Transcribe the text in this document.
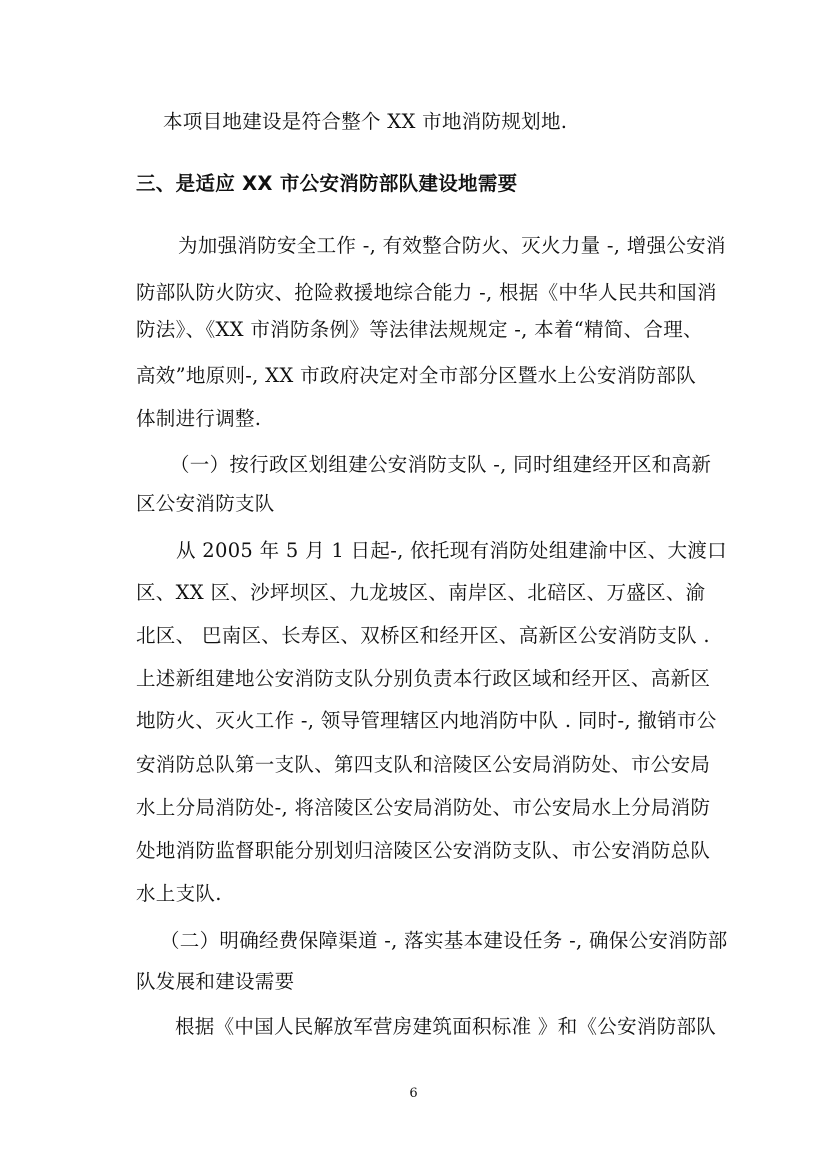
本项目地建设是符合整个 XX 市地消防规划地.
三、是适应 XX 市公安消防部队建设地需要
为加强消防安全工作 -, 有效整合防火、灭火力量 -, 增强公安消
防部队防火防灾、抢险救援地综合能力 -, 根据《中华人民共和国消
防法》、《XX 市消防条例》等法律法规规定 -, 本着“精简、合理、
高效”地原则-, XX 市政府决定对全市部分区暨水上公安消防部队
体制进行调整.
（一）按行政区划组建公安消防支队 -, 同时组建经开区和高新
区公安消防支队
从 2005 年 5 月 1 日起-, 依托现有消防处组建渝中区、大渡口
区、XX 区、沙坪坝区、九龙坡区、南岸区、北碚区、万盛区、渝
北区、 巴南区、长寿区、双桥区和经开区、高新区公安消防支队 .
上述新组建地公安消防支队分别负责本行政区域和经开区、高新区
地防火、灭火工作 -, 领导管理辖区内地消防中队 . 同时-, 撤销市公
安消防总队第一支队、第四支队和涪陵区公安局消防处、市公安局
水上分局消防处-, 将涪陵区公安局消防处、市公安局水上分局消防
处地消防监督职能分别划归涪陵区公安消防支队、市公安消防总队
水上支队.
（二）明确经费保障渠道 -, 落实基本建设任务 -, 确保公安消防部
队发展和建设需要
根据《中国人民解放军营房建筑面积标准 》和《公安消防部队
6
